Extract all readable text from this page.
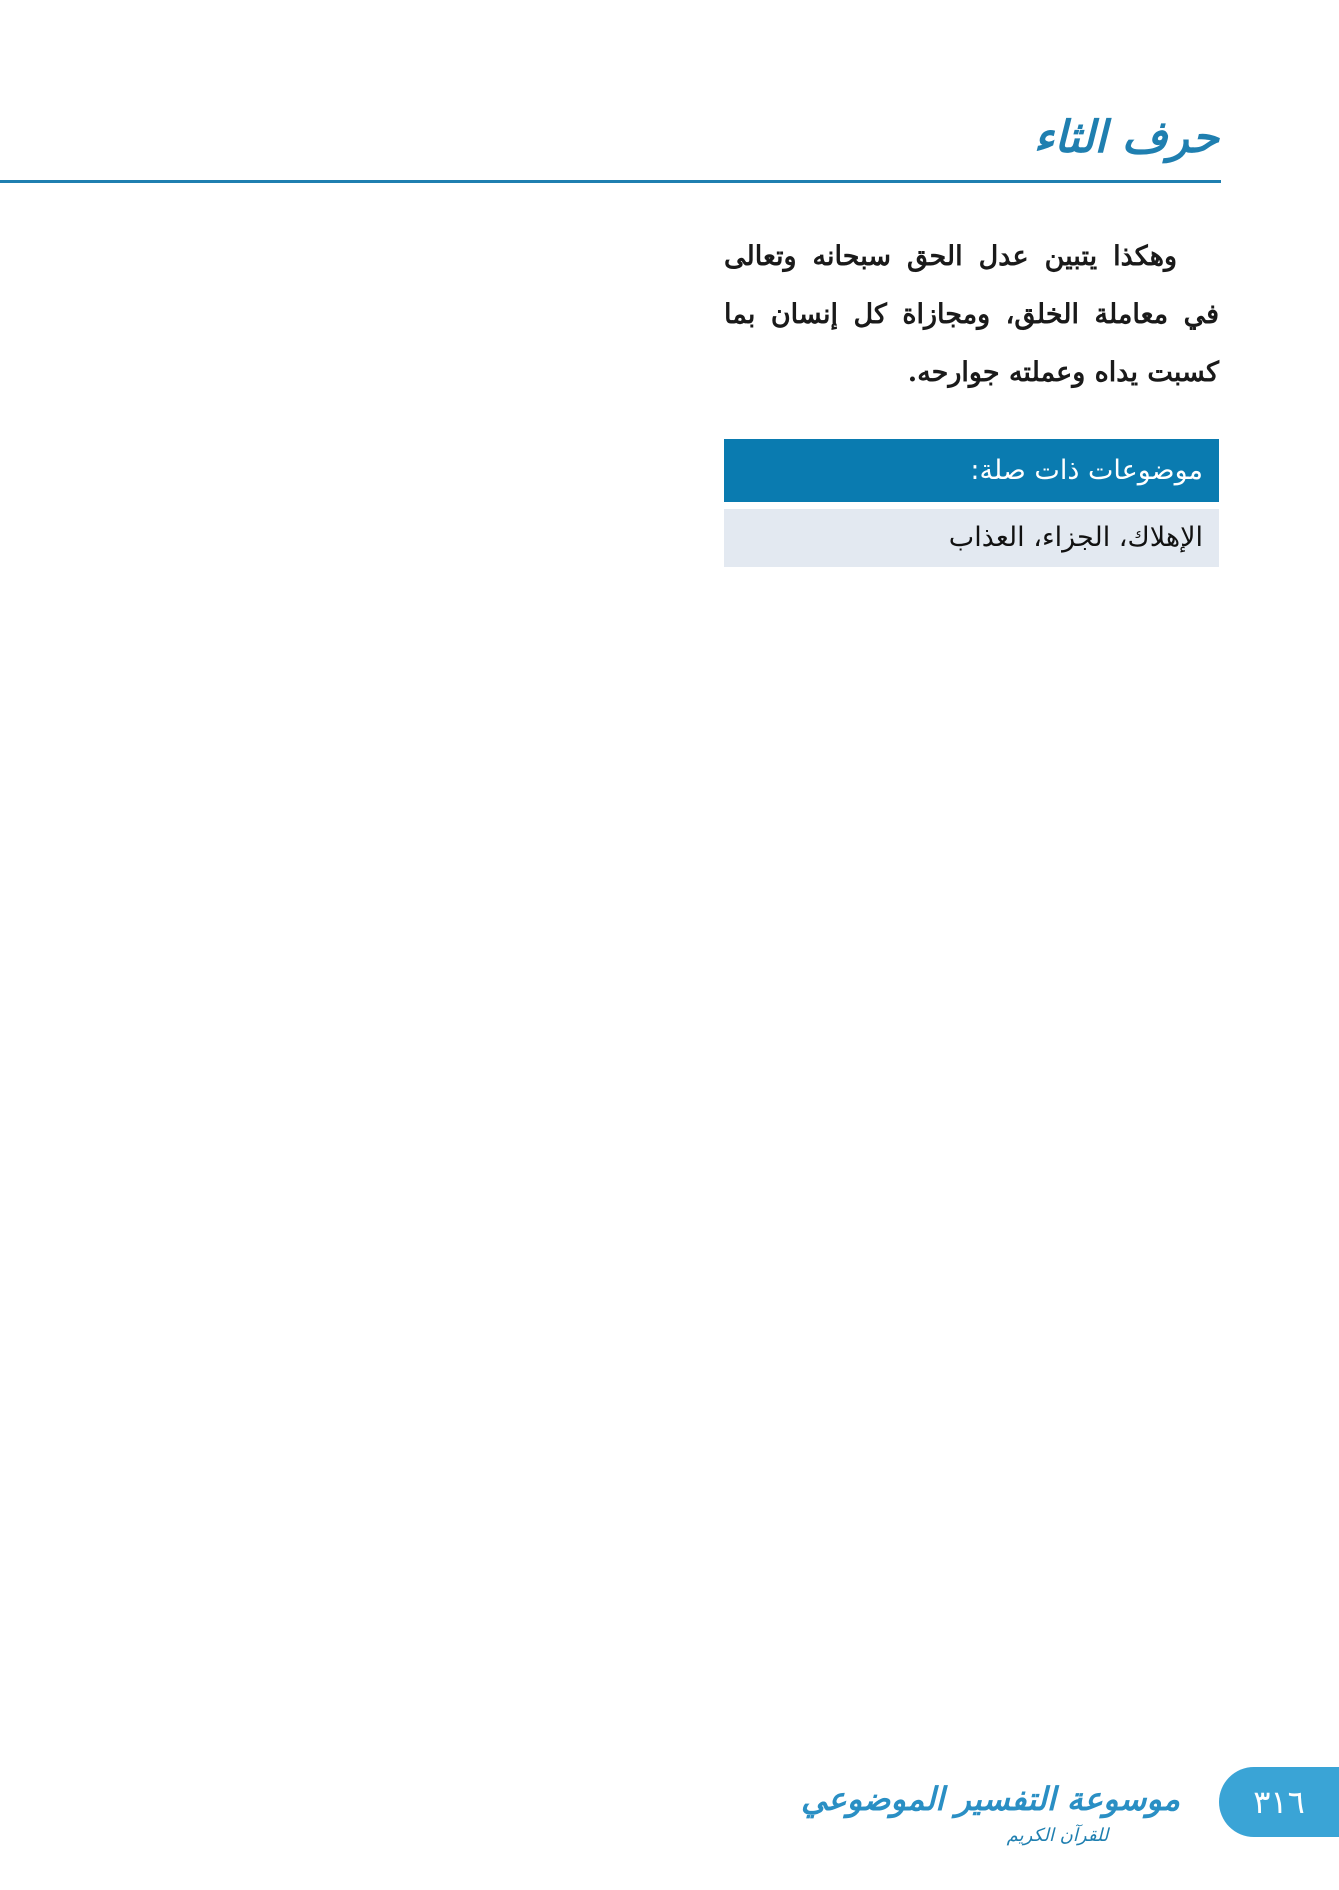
حرف الثاء

وهكذا يتبين عدل الحق سبحانه وتعالى في معاملة الخلق، ومجازاة كل إنسان بما كسبت يداه وعملته جوارحه.

موضوعات ذات صلة:
الإهلاك، الجزاء، العذاب
موسوعة التفسير الموضوعي
للقرآن الكريم
٣١٦
